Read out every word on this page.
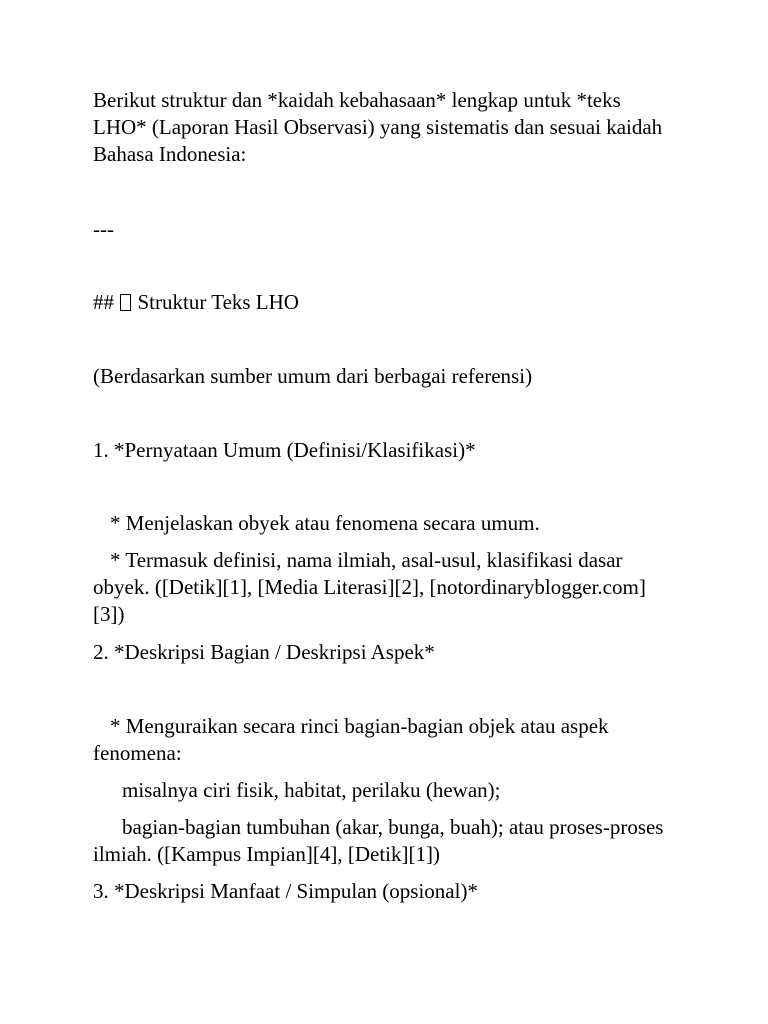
Berikut struktur dan *kaidah kebahasaan* lengkap untuk *teks LHO* (Laporan Hasil Observasi) yang sistematis dan sesuai kaidah Bahasa Indonesia:
---
## Struktur Teks LHO
(Berdasarkan sumber umum dari berbagai referensi)
1. *Pernyataan Umum (Definisi/Klasifikasi)*
* Menjelaskan obyek atau fenomena secara umum.
* Termasuk definisi, nama ilmiah, asal-usul, klasifikasi dasar obyek. ([Detik][1], [Media Literasi][2], [notordinaryblogger.com][3])
2. *Deskripsi Bagian / Deskripsi Aspek*
* Menguraikan secara rinci bagian-bagian objek atau aspek fenomena:
misalnya ciri fisik, habitat, perilaku (hewan);
bagian-bagian tumbuhan (akar, bunga, buah); atau proses-proses ilmiah. ([Kampus Impian][4], [Detik][1])
3. *Deskripsi Manfaat / Simpulan (opsional)*
